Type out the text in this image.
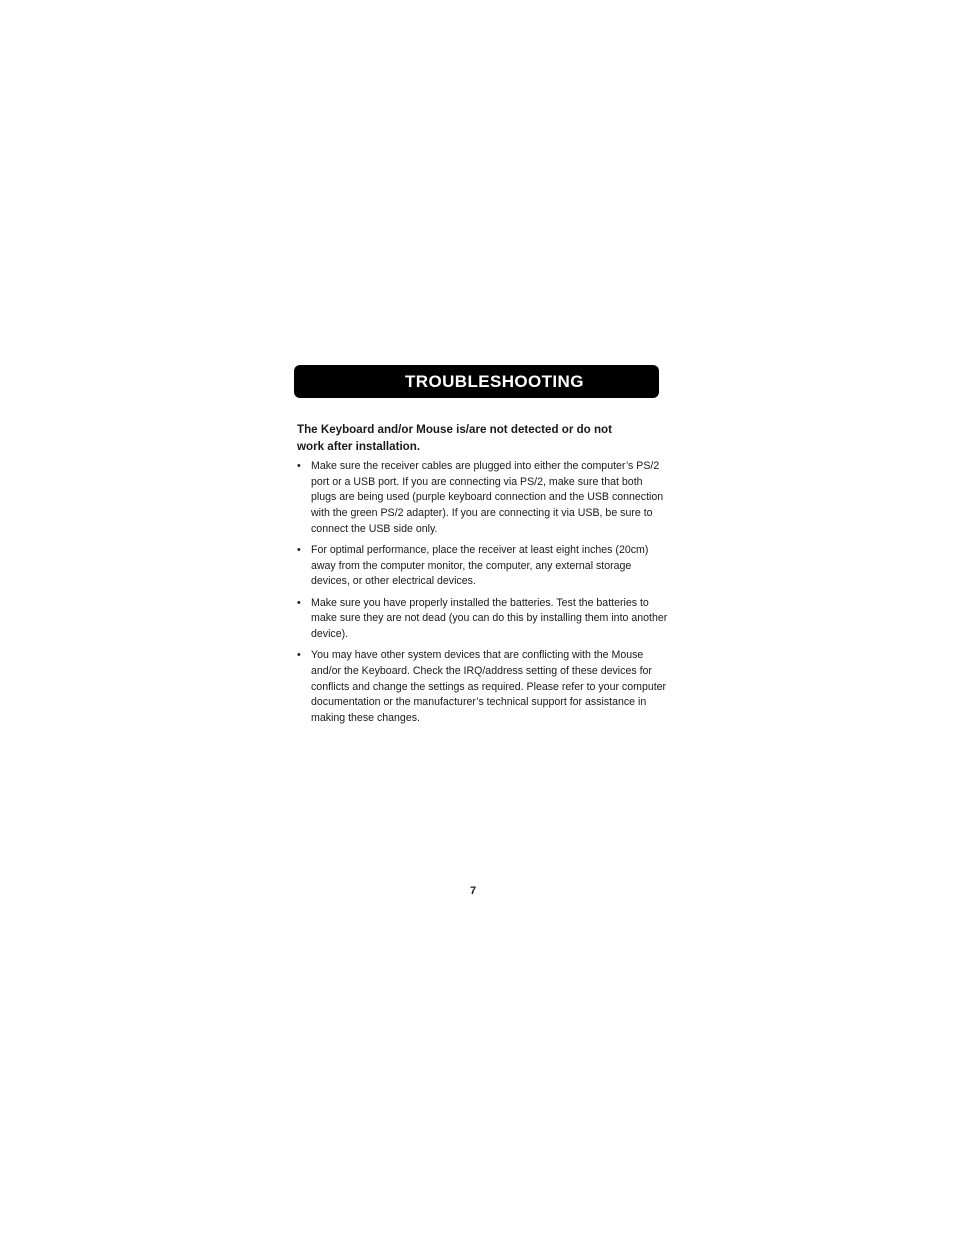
TROUBLESHOOTING

The Keyboard and/or Mouse is/are not detected or do not work after installation.

• Make sure the receiver cables are plugged into either the computer’s PS/2 port or a USB port. If you are connecting via PS/2, make sure that both plugs are being used (purple keyboard connection and the USB connection with the green PS/2 adapter). If you are connecting it via USB, be sure to connect the USB side only.
• For optimal performance, place the receiver at least eight inches (20cm) away from the computer monitor, the computer, any external storage devices, or other electrical devices.
• Make sure you have properly installed the batteries. Test the batteries to make sure they are not dead (you can do this by installing them into another device).
• You may have other system devices that are conflicting with the Mouse and/or the Keyboard. Check the IRQ/address setting of these devices for conflicts and change the settings as required. Please refer to your computer documentation or the manufacturer’s technical support for assistance in making these changes.
7
